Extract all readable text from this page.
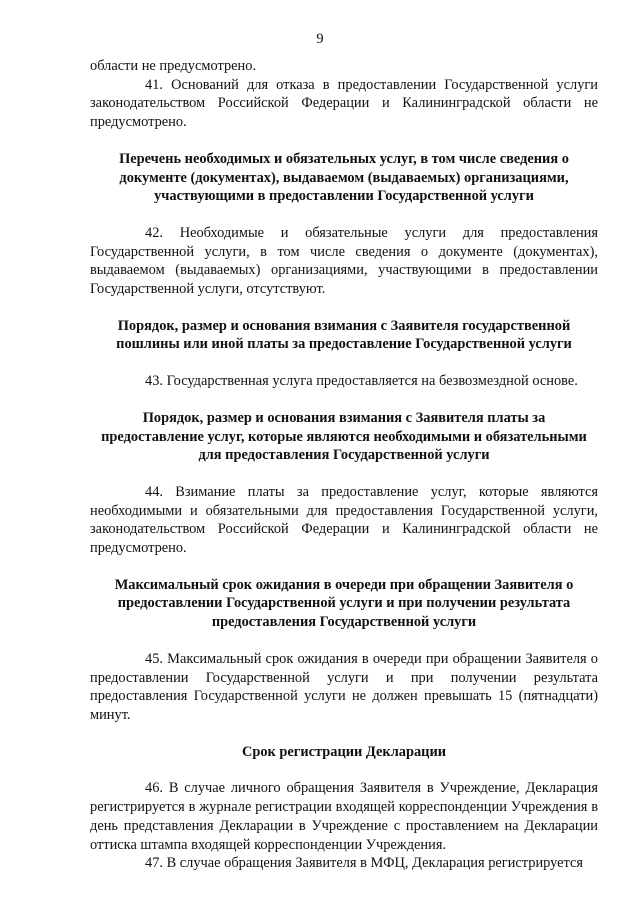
9

области не предусмотрено.

41. Оснований для отказа в предоставлении Государственной услуги законодательством Российской Федерации и Калининградской области не предусмотрено.

Перечень необходимых и обязательных услуг, в том числе сведения о документе (документах), выдаваемом (выдаваемых) организациями, участвующими в предоставлении Государственной услуги

42. Необходимые и обязательные услуги для предоставления Государственной услуги, в том числе сведения о документе (документах), выдаваемом (выдаваемых) организациями, участвующими в предоставлении Государственной услуги, отсутствуют.

Порядок, размер и основания взимания с Заявителя государственной пошлины или иной платы за предоставление Государственной услуги

43. Государственная услуга предоставляется на безвозмездной основе.

Порядок, размер и основания взимания с Заявителя платы за предоставление услуг, которые являются необходимыми и обязательными для предоставления Государственной услуги

44. Взимание платы за предоставление услуг, которые являются необходимыми и обязательными для предоставления Государственной услуги, законодательством Российской Федерации и Калининградской области не предусмотрено.

Максимальный срок ожидания в очереди при обращении Заявителя о предоставлении Государственной услуги и при получении результата предоставления Государственной услуги

45. Максимальный срок ожидания в очереди при обращении Заявителя о предоставлении Государственной услуги и при получении результата предоставления Государственной услуги не должен превышать 15 (пятнадцати) минут.

Срок регистрации Декларации

46. В случае личного обращения Заявителя в Учреждение, Декларация регистрируется в журнале регистрации входящей корреспонденции Учреждения в день представления Декларации в Учреждение с проставлением на Декларации оттиска штампа входящей корреспонденции Учреждения.

47. В случае обращения Заявителя в МФЦ, Декларация регистрируется
